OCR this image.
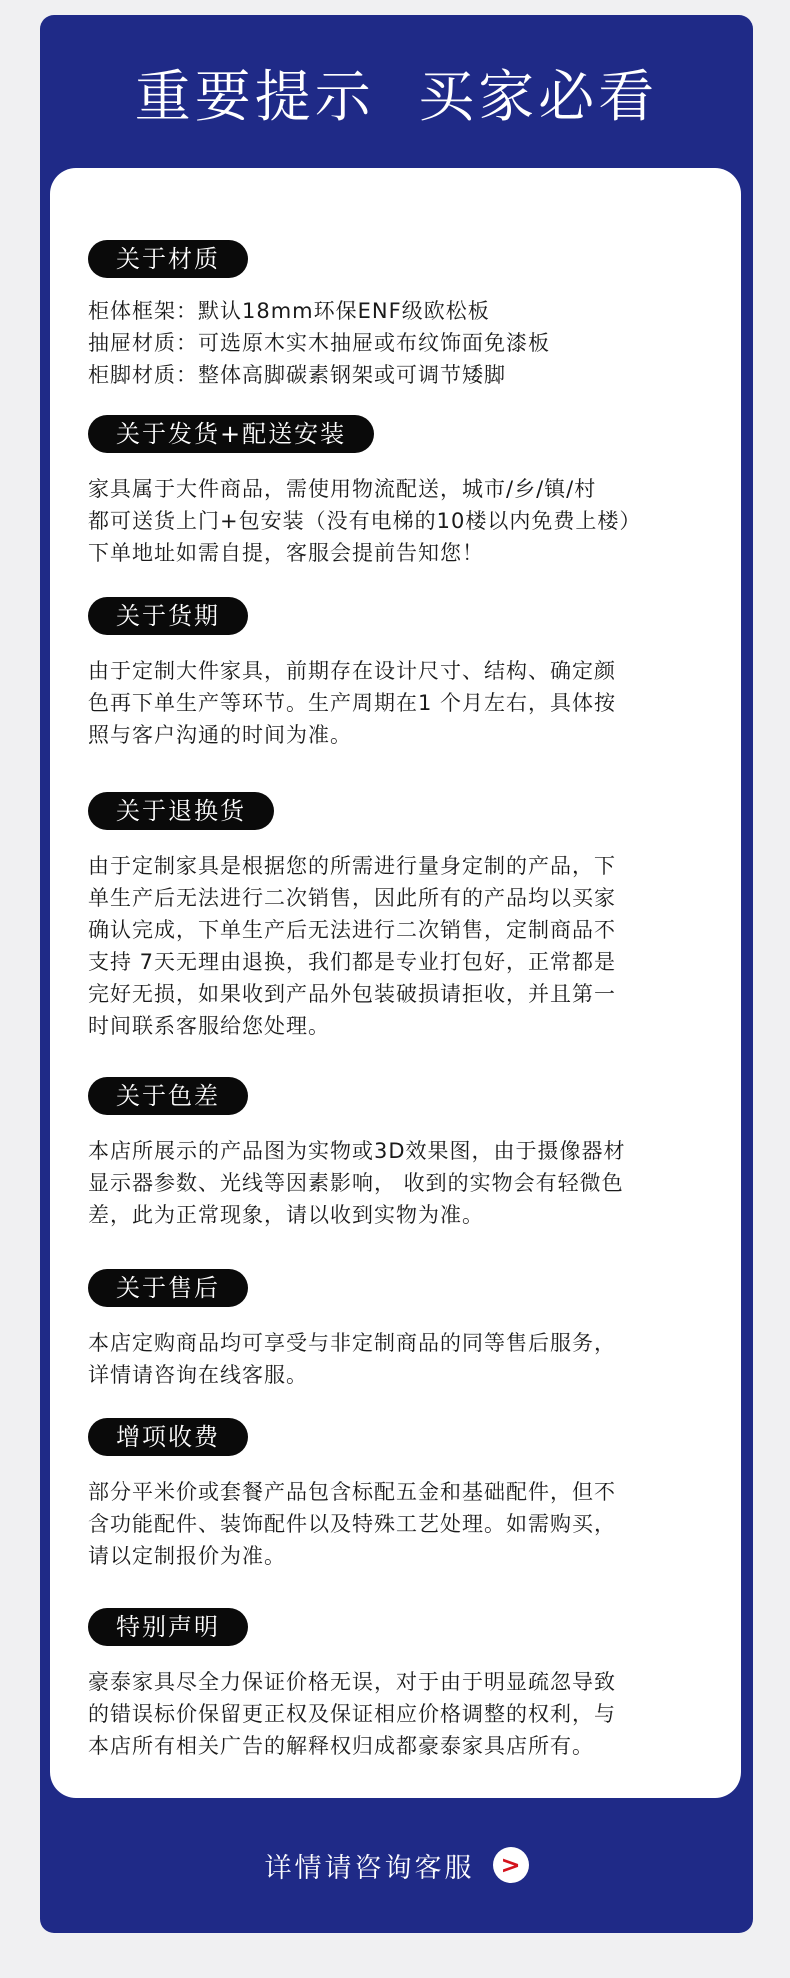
重要提示  买家必看
关于材质
柜体框架：默认18mm环保ENF级欧松板
抽屉材质：可选原木实木抽屉或布纹饰面免漆板
柜脚材质：整体高脚碳素钢架或可调节矮脚
关于发货+配送安装
家具属于大件商品，需使用物流配送，城市/乡/镇/村
都可送货上门+包安装（没有电梯的10楼以内免费上楼）
下单地址如需自提，客服会提前告知您！
关于货期
由于定制大件家具，前期存在设计尺寸、结构、确定颜
色再下单生产等环节。生产周期在1 个月左右，具体按
照与客户沟通的时间为准。
关于退换货
由于定制家具是根据您的所需进行量身定制的产品，下
单生产后无法进行二次销售，因此所有的产品均以买家
确认完成，下单生产后无法进行二次销售，定制商品不
支持 7天无理由退换，我们都是专业打包好，正常都是
完好无损，如果收到产品外包装破损请拒收，并且第一
时间联系客服给您处理。
关于色差
本店所展示的产品图为实物或3D效果图，由于摄像器材
显示器参数、光线等因素影响， 收到的实物会有轻微色
差，此为正常现象，请以收到实物为准。
关于售后
本店定购商品均可享受与非定制商品的同等售后服务，
详情请咨询在线客服。
增项收费
部分平米价或套餐产品包含标配五金和基础配件，但不
含功能配件、装饰配件以及特殊工艺处理。如需购买，
请以定制报价为准。
特别声明
豪泰家具尽全力保证价格无误，对于由于明显疏忽导致
的错误标价保留更正权及保证相应价格调整的权利，与
本店所有相关广告的解释权归成都豪泰家具店所有。
详情请咨询客服	>
